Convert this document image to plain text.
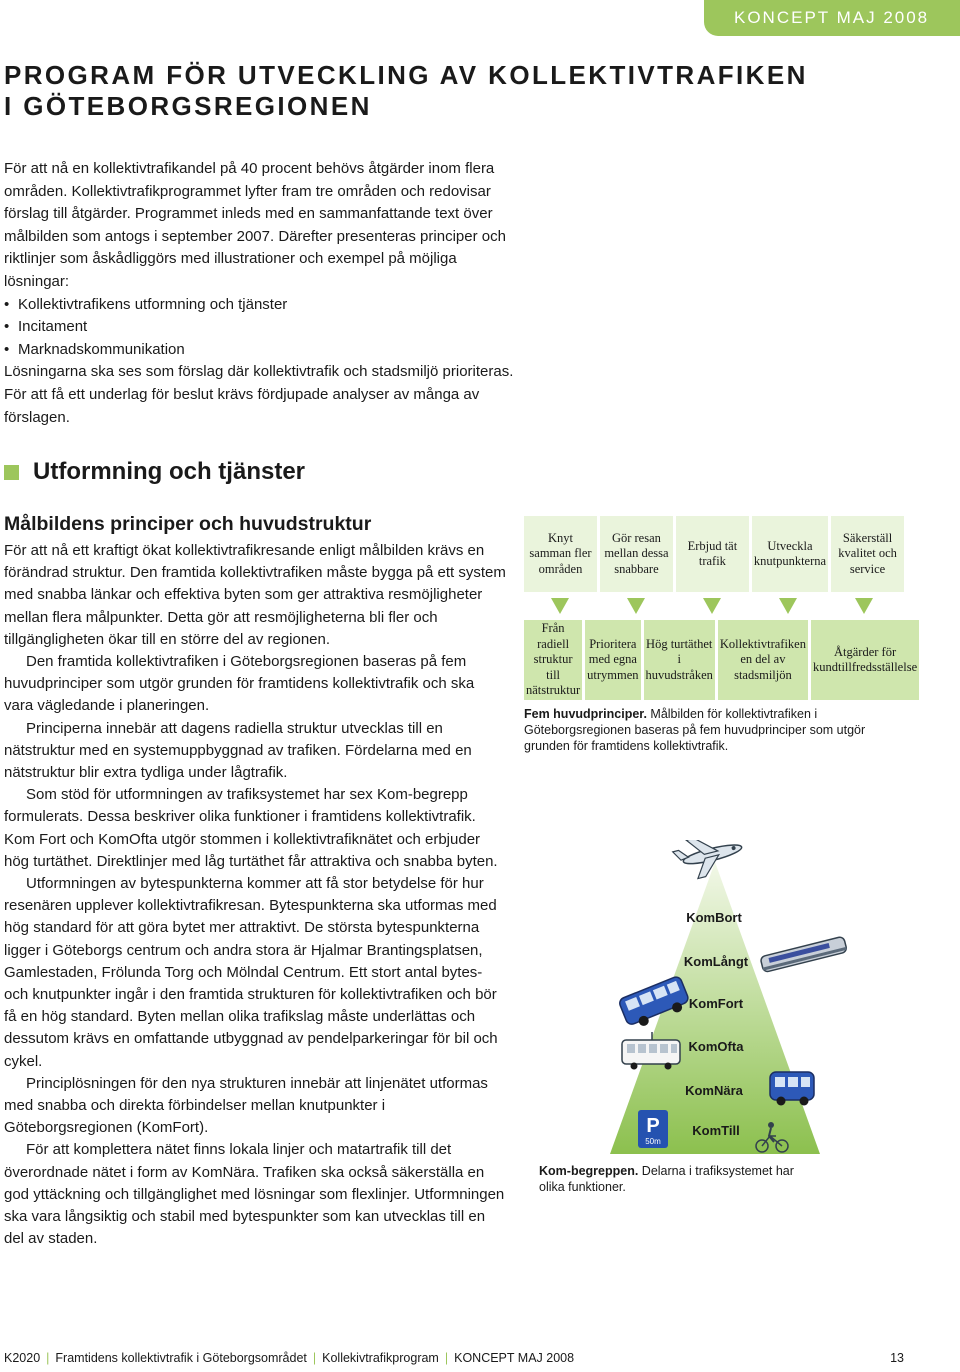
KONCEPT MAJ 2008
PROGRAM FÖR UTVECKLING AV KOLLEKTIVTRAFIKEN
I GÖTEBORGSREGIONEN
För att nå en kollektivtrafikandel på 40 procent behövs åtgärder inom flera områden. Kollektivtrafikprogrammet lyfter fram tre områden och redovisar förslag till åtgärder. Programmet inleds med en sammanfattande text över målbilden som antogs i september 2007. Därefter presenteras principer och riktlinjer som åskådliggörs med illustrationer och exempel på möjliga lösningar:
• Kollektivtrafikens utformning och tjänster
• Incitament
• Marknadskommunikation
Lösningarna ska ses som förslag där kollektivtrafik och stadsmiljö prioriteras. För att få ett underlag för beslut krävs fördjupade analyser av många av förslagen.
Utformning och tjänster
Målbildens principer och huvudstruktur

För att nå ett kraftigt ökat kollektivtrafikresande enligt målbilden krävs en förändrad struktur. Den framtida kollektivtrafiken måste bygga på ett system med snabba länkar och effektiva byten som ger attraktiva resmöjligheter mellan flera målpunkter. Detta gör att resmöjligheterna bli fler och tillgängligheten ökar till en större del av regionen.

Den framtida kollektivtrafiken i Göteborgsregionen baseras på fem huvudprinciper som utgör grunden för framtidens kollektivtrafik och ska vara vägledande i planeringen.

Principerna innebär att dagens radiella struktur utvecklas till en nätstruktur med en systemuppbyggnad av trafiken. Fördelarna med en nätstruktur blir extra tydliga under lågtrafik.

Som stöd för utformningen av trafiksystemet har sex Kom-begrepp formulerats. Dessa beskriver olika funktioner i framtidens kollektivtrafik. Kom Fort och KomOfta utgör stommen i kollektivtrafiknätet och erbjuder hög turtäthet. Direktlinjer med låg turtäthet får attraktiva och snabba byten.

Utformningen av bytespunkterna kommer att få stor betydelse för hur resenären upplever kollektivtrafikresan. Bytespunkterna ska utformas med hög standard för att göra bytet mer attraktivt. De största bytespunkterna ligger i Göteborgs centrum och andra stora är Hjalmar Brantingsplatsen, Gamlestaden, Frölunda Torg och Mölndal Centrum. Ett stort antal bytes- och knutpunkter ingår i den framtida strukturen för kollektivtrafiken och bör få en hög standard. Byten mellan olika trafikslag måste underlättas och dessutom krävs en omfattande utbyggnad av pendelparkeringar för bil och cykel.

Principlösningen för den nya strukturen innebär att linjenätet utformas med snabba och direkta förbindelser mellan knutpunkter i Göteborgsregionen (KomFort).

För att komplettera nätet finns lokala linjer och matartrafik till det överordnade nätet i form av KomNära. Trafiken ska också säkerställa en god yttäckning och tillgänglighet med lösningar som flexlinjer. Utformningen ska vara långsiktig och stabil med bytespunkter som kan utvecklas till en del av staden.

Knyt samman fler områden
Gör resan mellan dessa snabbare
Erbjud tät trafik
Utveckla knutpunkterna
Säkerställ kvalitet och service
Från radiell struktur till nätstruktur
Prioritera med egna utrymmen
Hög turtäthet i huvudstråken
Kollektivtrafiken en del av stadsmiljön
Åtgärder för kundtillfredsställelse
Fem huvudprinciper. Målbilden för kollektivtrafiken i Göteborgsregionen baseras på fem huvudprinciper som utgör grunden för framtidens kollektivtrafik.
P
50m
KomBort
KomLångt
KomFort
KomOfta
KomNära
KomTill
Kom-begreppen. Delarna i trafiksystemet har olika funktioner.
K2020 | Framtidens kollektivtrafik i Göteborgsområdet | Kollekivtrafikprogram | KONCEPT MAJ 2008	13
